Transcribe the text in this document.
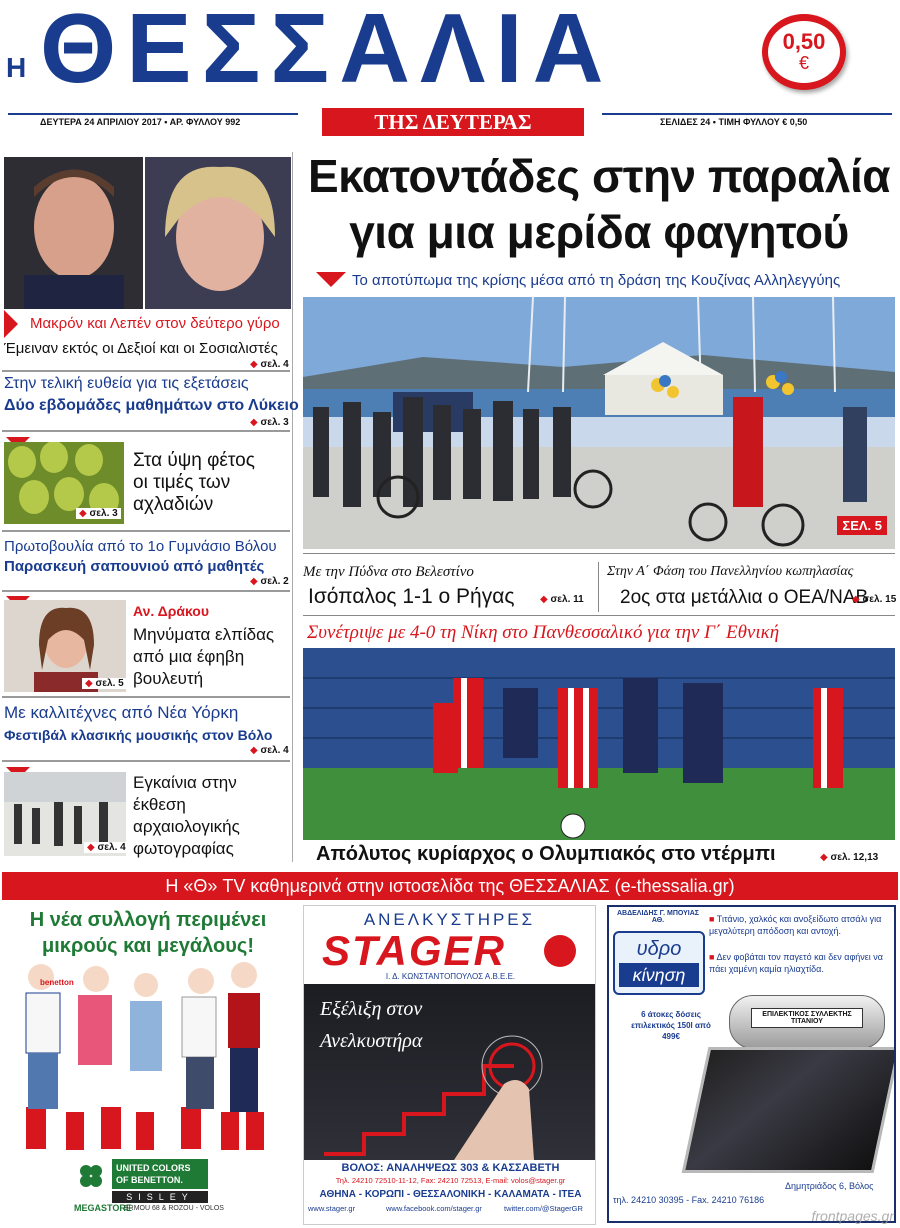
Η ΘΕΣΣΑΛΙΑ	0,50
€
ΔΕΥΤΕΡΑ 24 ΑΠΡΙΛΙΟΥ 2017 • ΑΡ. ΦΥΛΛΟΥ 992	ΤΗΣ ΔΕΥΤΕΡΑΣ	ΣΕΛΙΔΕΣ 24 • ΤΙΜΗ ΦΥΛΛΟΥ € 0,50
Εκατοντάδες στην παραλία
για μια μερίδα φαγητού
Το αποτύπωμα της κρίσης μέσα από τη δράση της Κουζίνας Αλληλεγγύης
ΣΕΛ. 5
Με την Πύδνα στο Βελεστίνο
Ισόπαλος 1-1 ο Ρήγας	◆ σελ. 11
Στην Α΄ Φάση του Πανελληνίου κωπηλασίας
2ος στα μετάλλια ο ΟΕΑ/ΝΑΒ
◆ σελ. 15
Συνέτριψε με 4-0 τη Νίκη στο Πανθεσσαλικό για την Γ΄ Εθνική
Απόλυτος κυρίαρχος ο Ολυμπιακός στο ντέρμπι	◆ σελ. 12,13
Μακρόν και Λεπέν στον δεύτερο γύρο
Έμειναν εκτός οι Δεξιοί και οι Σοσιαλιστές
◆ σελ. 4
Στην τελική ευθεία για τις εξετάσεις
Δύο εβδομάδες μαθημάτων στο Λύκειο
◆ σελ. 3
◆ σελ. 3
Στα ύψη φέτος οι τιμές των αχλαδιών
Πρωτοβουλία από το 1ο Γυμνάσιο Βόλου
Παρασκευή σαπουνιού από μαθητές
◆ σελ. 2
◆ σελ. 5
Αν. Δράκου
Μηνύματα ελπίδας από μια έφηβη βουλευτή
Με καλλιτέχνες από Νέα Υόρκη
Φεστιβάλ κλασικής μουσικής στον Βόλο
◆ σελ. 4
◆ σελ. 4
Εγκαίνια στην έκθεση αρχαιολογικής φωτογραφίας
Η «Θ» TV καθημερινά στην ιστοσελίδα της ΘΕΣΣΑΛΙΑΣ (e-thessalia.gr)
Η νέα συλλογή περιμένει
μικρούς και μεγάλους!
benetton
UNITED COLORS OF BENETTON.
SISLEY
MEGASTORE
ERMOU 68 & ROZOU - VOLOS
ΑΝΕΛΚΥΣΤΗΡΕΣ
STAGER
Ι. Δ. ΚΩΝΣΤΑΝΤΟΠΟΥΛΟΣ Α.Β.Ε.Ε.
Εξέλιξη στον
Ανελκυστήρα
ΒΟΛΟΣ: ΑΝΑΛΗΨΕΩΣ 303 & ΚΑΣΣΑΒΕΤΗ
Τηλ. 24210 72510-11-12, Fax: 24210 72513, E-mail: volos@stager.gr
ΑΘΗΝΑ - ΚΟΡΩΠΙ - ΘΕΣΣΑΛΟΝΙΚΗ - ΚΑΛΑΜΑΤΑ - ΙΤΕΑ
www.stager.gr	www.facebook.com/stager.gr	twitter.com/@StagerGR
ΑΒΔΕΛΙΔΗΣ Γ. ΜΠΟΥΙΑΣ ΑΘ.
υδρο
κίνηση
■ Τιτάνιο, χαλκός και ανοξείδωτο ατσάλι για μεγαλύτερη απόδοση και αντοχή.
■ Δεν φοβάται τον παγετό και δεν αφήνει να πάει χαμένη καμία ηλιαχτίδα.
ΕΠΙΛΕΚΤΙΚΟΣ ΣΥΛΛΕΚΤΗΣ ΤΙΤΑΝΙΟΥ
6 άτοκες δόσεις επιλεκτικός 150l από 499€
τηλ. 24210 30395 - Fax. 24210 76186
Δημητριάδος 6, Βόλος
frontpages.gr
